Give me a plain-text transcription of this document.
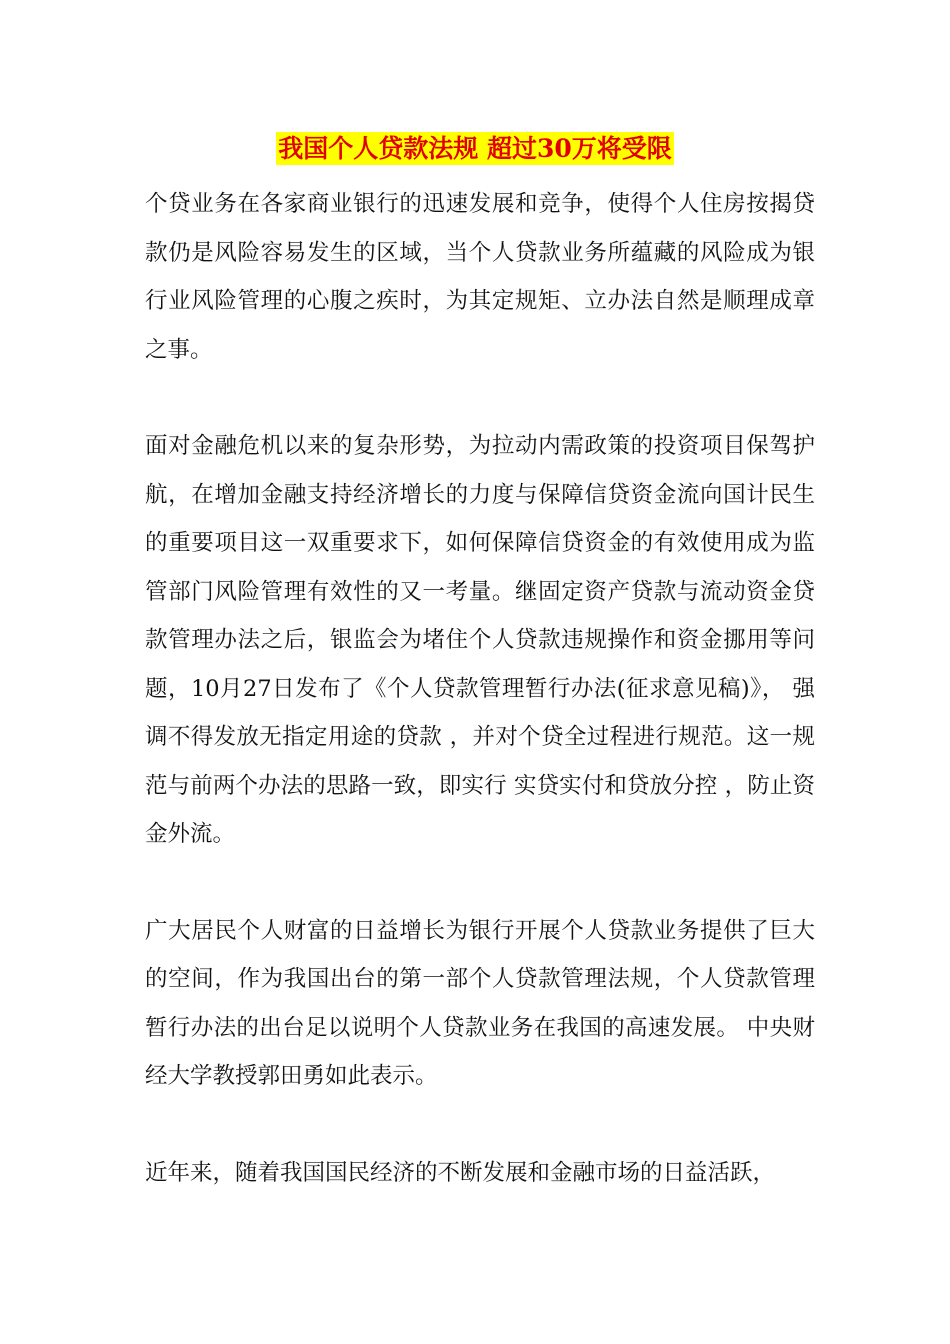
我国个人贷款法规 超过30万将受限

个贷业务在各家商业银行的迅速发展和竞争，使得个人住房按揭贷款仍是风险容易发生的区域，当个人贷款业务所蕴藏的风险成为银行业风险管理的心腹之疾时，为其定规矩、立办法自然是顺理成章之事。

面对金融危机以来的复杂形势，为拉动内需政策的投资项目保驾护航，在增加金融支持经济增长的力度与保障信贷资金流向国计民生的重要项目这一双重要求下，如何保障信贷资金的有效使用成为监管部门风险管理有效性的又一考量。继固定资产贷款与流动资金贷款管理办法之后，银监会为堵住个人贷款违规操作和资金挪用等问题，10月27日发布了《个人贷款管理暂行办法(征求意见稿)》， 强调不得发放无指定用途的贷款 ，并对个贷全过程进行规范。这一规范与前两个办法的思路一致，即实行 实贷实付和贷放分控 ，防止资金外流。

广大居民个人财富的日益增长为银行开展个人贷款业务提供了巨大的空间，作为我国出台的第一部个人贷款管理法规，个人贷款管理暂行办法的出台足以说明个人贷款业务在我国的高速发展。 中央财经大学教授郭田勇如此表示。

近年来，随着我国国民经济的不断发展和金融市场的日益活跃，
